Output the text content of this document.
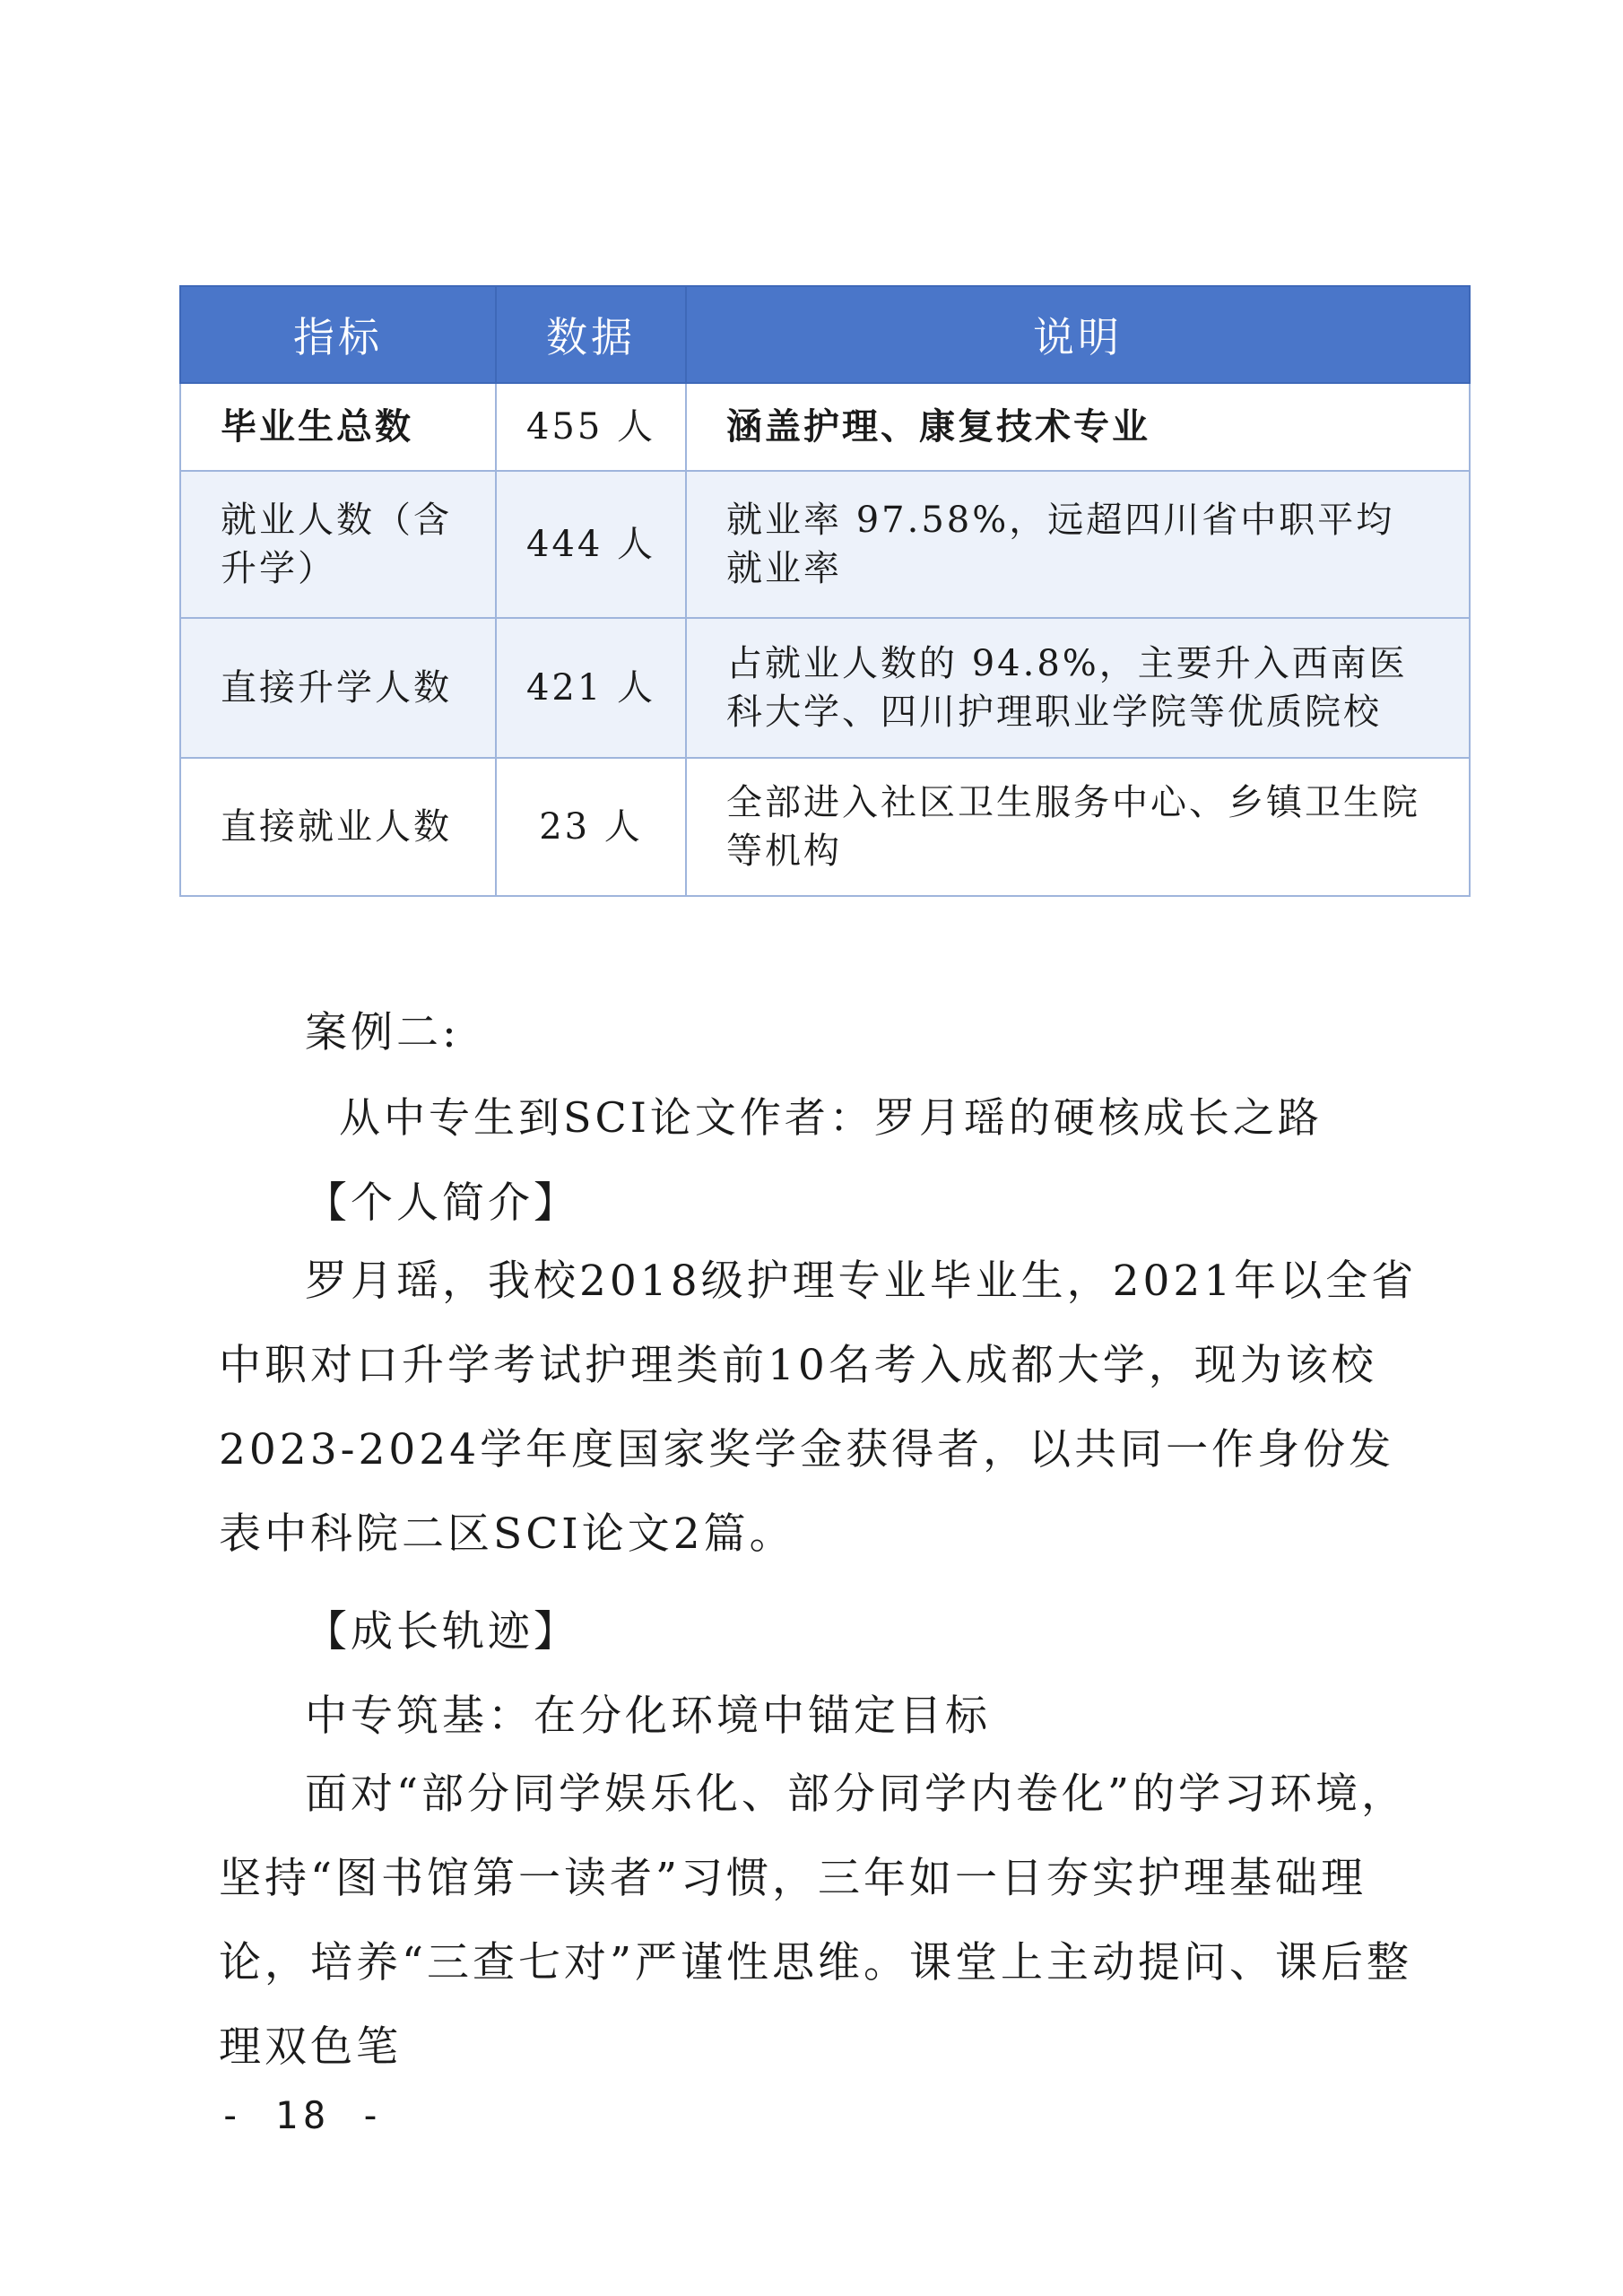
指标	数据	说明
毕业生总数	455 人	涵盖护理、康复技术专业
就业人数（含升学）	444 人	就业率 97.58%，远超四川省中职平均就业率
直接升学人数	421 人	占就业人数的 94.8%，主要升入西南医科大学、四川护理职业学院等优质院校
直接就业人数	23 人	全部进入社区卫生服务中心、乡镇卫生院等机构
案例二:
从中专生到SCI论文作者：罗月瑶的硬核成长之路
【个人简介】
罗月瑶，我校2018级护理专业毕业生，2021年以全省中职对口升学考试护理类前10名考入成都大学，现为该校2023-2024学年度国家奖学金获得者，以共同一作身份发表中科院二区SCI论文2篇。
【成长轨迹】
中专筑基：在分化环境中锚定目标
面对“部分同学娱乐化、部分同学内卷化”的学习环境，坚持“图书馆第一读者”习惯，三年如一日夯实护理基础理论，培养“三查七对”严谨性思维。课堂上主动提问、课后整理双色笔
- 18 -
